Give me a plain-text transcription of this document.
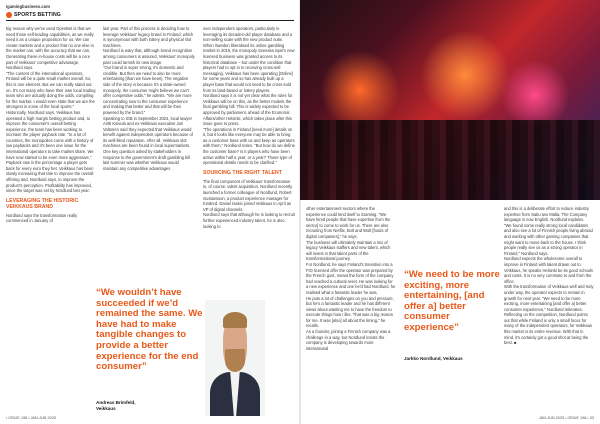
igamingbusiness.com
SPORTS BETTING

big reason why we've used OpenBet is that we need those self-leading capabilities, as we really need it as a unique proposition for us. We can create markets and a product that no one else in the market can, with the accuracy that we can.

Generating these in-house costs will be a core part of Veikkaus' competitive advantage, Nordlund says.

"The content of the international operators, Finland will be a quite small market overall. So, this is one element. But we can really stand out on. It's not many who have their own local trading team who are actually doing the odds, compiling for the market. I would even state that we are the strongest in some of the local sports."

Historically, Nordlund says, Veikkaus has operated a high margin betting product and, to improve the consumer's overall betting experience, the team has been working to increase the player payback rate. "In a lot of countries, the monopolies come with a history of low paybacks and it's been one issue for the international operators to take market share. We have now started to be even more aggressive."

Payback rate is the percentage a player gets back for every euro they bet. Veikkaus has been slowly increasing that rate to improve the overall offering and, Nordlund says, to improve the product's perception. Profitability has improved, since the target was set by Nordlund last year.

LEVERAGING THE HISTORIC VEIKKAUS BRAND

Nordlund says the transformation really commenced in January of

last year. Part of this process is deciding how to leverage Veikkaus' legacy brand in Finland, which is synonymous with both lottery and physical slot machines.

Nordlund is wary that, although brand recognition among consumers is assured, Veikkaus' monopoly past could tarnish its new image.

"Our brand is super strong, it's domestic and credible. But then we need to also be more entertaining [than we have been]. The negative side of the story is because it's a state-owned monopoly, the consumer might believe we can't offer competitive odds," he admits. "We are more concentrating now to the consumer experience and making that better and that will be then powered by the brand."

Speaking to iGB in September 2024, local lawyer Antti Koivula and ex-Veikkaus executive Jari Valtonen said they expected that Veikkaus would benefit against independent operators because of its well-liked reputation. After all, Veikkaus slot machines are been found in local supermarkets.

One key question asked by stakeholders in response to the government's draft gambling bill last summer was whether Veikkaus would maintain any competitive advantages

over independent operators, particularly in leveraging its decades-old player database and a non-selling scale with the new product suite.

When Sweden liberalised its online gambling market in 2019, the monopoly Svenska Spel's new licensed business was granted access to its historical database – but under the condition that players had to opt in to receiving cross-sell messaging. Veikkaus has been operating [Online] for some years and so has already built up a player base that would not need to be cross-sold from its land-based or lottery players.

Nordlund says it is not yet clear what the rules for Veikkaus will be on this, as the better models the final gambling bill. This is widely expected to be approved by parliament, ahead of the Economic Affairs/other Helsinki, which takes place after this issue goes to press.

"The operations in Finland [need more] details on it, but it looks like everyone may be able to bring as a customer base with us and keep an operators with them," Nordlund notes. "But how do we define the customer base? Is it players who have been active within half a year, or a year? Those type of operational details needs to be clarified."

SOURCING THE RIGHT TALENT

The final component of Veikkaus' transformation is, of course, talent acquisition. Nordlund recently launched a former colleague of Nordlund, Robert Gustavsson, a product experience manager for Kindred. Daniel Isaksi joined Veikkaus in April as VP of digital channels.

Nordlund says that although he is looking to recruit further experienced industry talent, he is also looking to

“We wouldn’t have succeeded if we’d remained the same. We have had to make tangible changes to provide a better experience for the end consumer”
Andreas Brimfeld,
Veikkaus
• ISSUE 198 • JAN-JUN 2025

other entertainment sectors where the experience could lend itself to iGaming. "We have hired people that have expertise from the sector] to come to work for us. There are also recruiting from Netflix, Bolt and Wolt [foods of digital companies]," he says.

The business will ultimately maintain a mix of legacy Veikkaus staffers and new talent, which will invest in that talent parts of the transformational journey.

For Nordlund, he says Finland's transition into a FIO licensed offer the operator was prepared by the French govt, meant the form of the company had reached a cultural reset. He was looking for a new experience and one he'd had Nordlund, he realised what a fantastic leader he was.

He puts a lot of challenges on you and pressure, but he's a fantastic leader and he has different views about wanting me to have the freedom to execute things how I like. That was a big reason for me. It was [also] all about the timing," he recalls.

As a founder, joining a Finnish company was a challenge in a way, but Nordlund insists the company is developing towards more international

“We need to be more exciting, more entertaining, [and offer a] better consumer experience”
Jarkko Nordlund, Veikkaus

and this is a deliberate effort to reduce industry expertise from Sabu two Malta. The Company language is now English, Nordlund explains.

"We found some really strong local candidates and also see a lot of Finnish people living abroad and working with other gaming companies that might want to move back to the house. I think people really see us as a strong operator in Finland," Nordlund says.

Nordlund expects the wholesome overall to improve in Finland with talent drawn out to Veikkaus, he speaks Helsinki be its good schools and costs. It is no very commute to and from the office.

With the transformation of Veikkaus well and truly under way, the operator expects to remain in growth for next year. "We need to be more exciting, more entertaining [and offer a] better consumer experience," Nordlund reiterates. Reflecting on the competition, Nordlund points out that while Finland is only a small focus for many of the independent operators, for Veikkaus this market is its entire revenue. With that in mind, it's certainly got a good shot at being the best. ■

JAN-JUN 2025 • ISSUE 198 • 33
